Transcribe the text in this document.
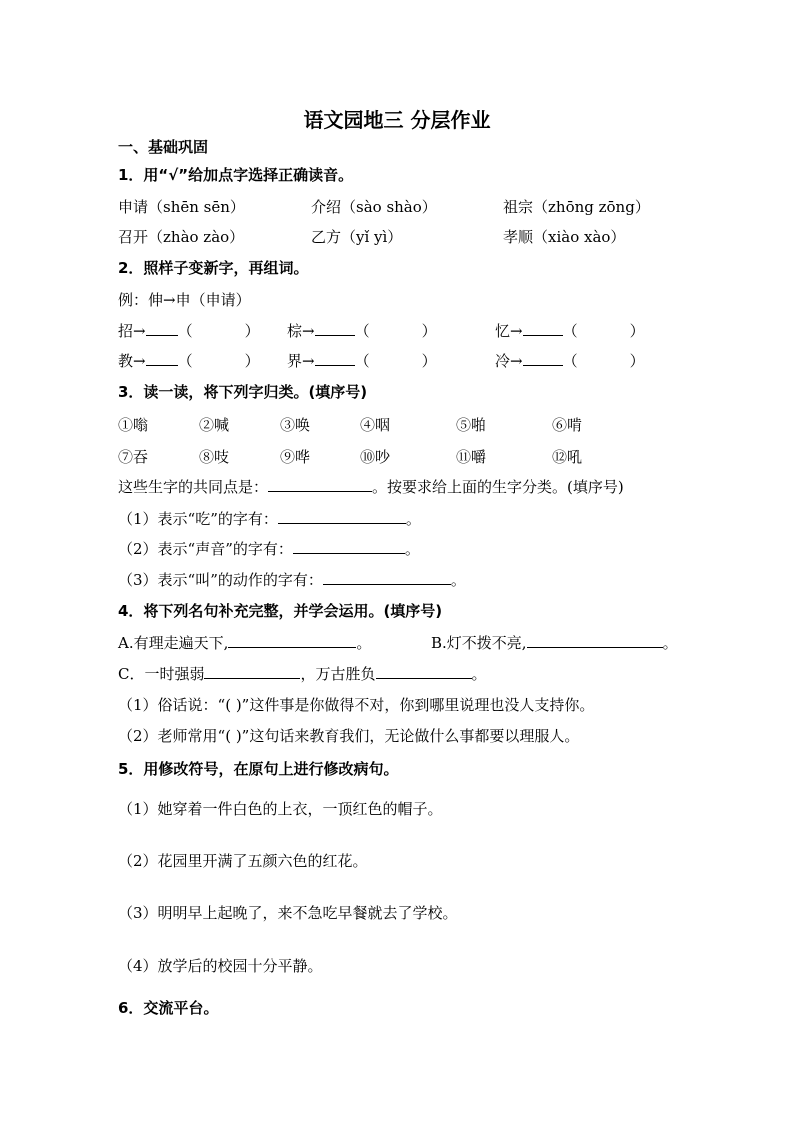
语文园地三 分层作业
一、基础巩固
1．用“√”给加点字选择正确读音。
申请（shēn sēn）	介绍（sào shào）	祖宗（zhōng zōng）
召开（zhào zào）	乙方（yǐ yì）	孝顺（xiào xào）
2．照样子变新字，再组词。
例：伸→申（申请）
招→ （	） 棕→	（	）	忆→	（	）
教→ （	） 界→	（	）	冷→	（	）
3．读一读，将下列字归类。(填序号)
①嗡	②喊	③唤	④咽	⑤啪	⑥啃
⑦吞	⑧吱	⑨哗	⑩吵	⑪嚼	⑫吼
这些生字的共同点是：	。按要求给上面的生字分类。(填序号)
（1）表示“吃”的字有：	。
（2）表示“声音”的字有：	。
（3）表示“叫”的动作的字有：	。
4．将下列名句补充完整，并学会运用。(填序号)
A.有理走遍天下,	。	B.灯不拨不亮,	。
C．一时强弱	，万古胜负	。
（1）俗话说：“( )”这件事是你做得不对，你到哪里说理也没人支持你。
（2）老师常用“( )”这句话来教育我们，无论做什么事都要以理服人。
5．用修改符号，在原句上进行修改病句。
（1）她穿着一件白色的上衣，一顶红色的帽子。
（2）花园里开满了五颜六色的红花。
（3）明明早上起晚了，来不急吃早餐就去了学校。
（4）放学后的校园十分平静。
6．交流平台。
